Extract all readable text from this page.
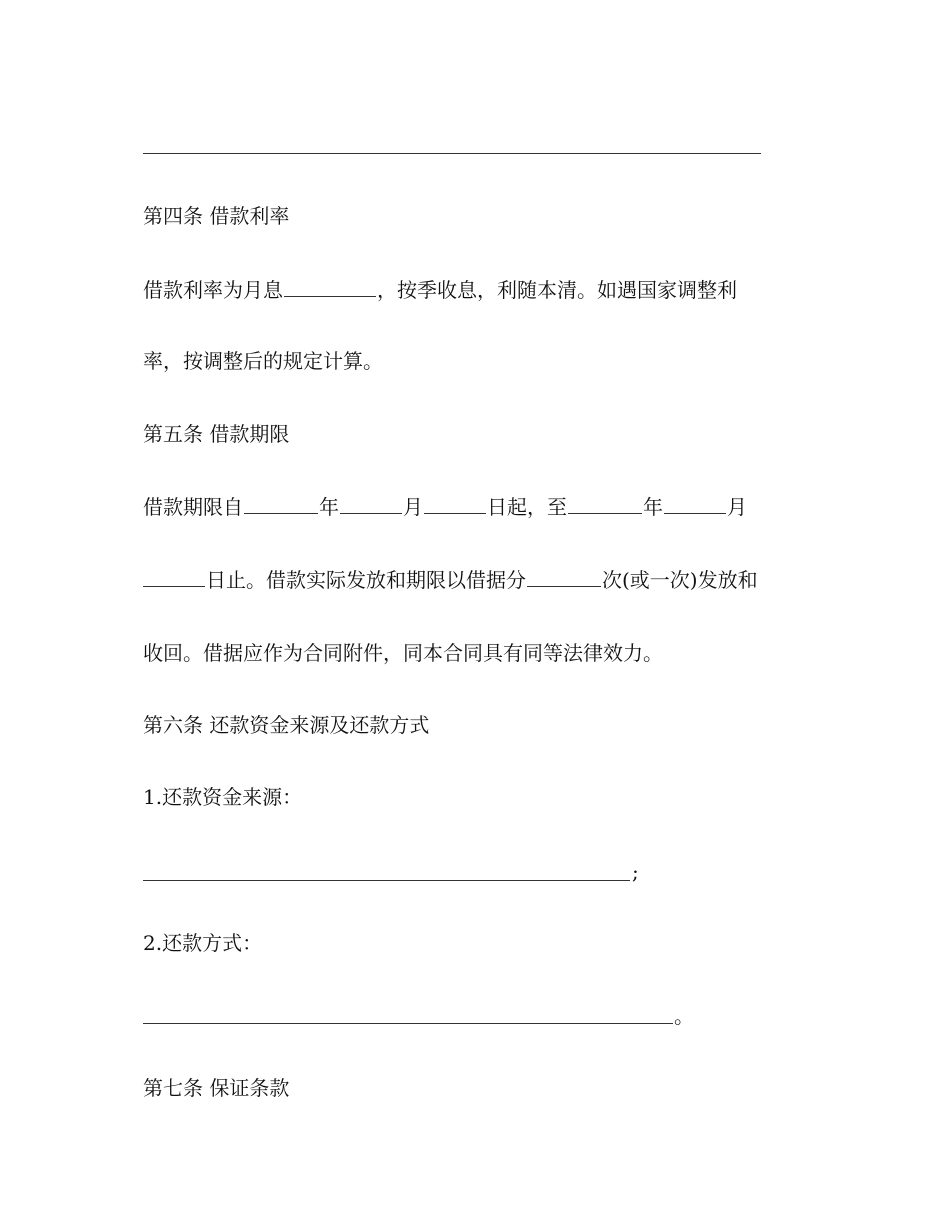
第四条 借款利率
借款利率为月息	，按季收息，利随本清。如遇国家调整利
率，按调整后的规定计算。
第五条 借款期限
借款期限自	年	月	日起，至	年	月
日止。借款实际发放和期限以借据分	次(或一次)发放和
收回。借据应作为合同附件，同本合同具有同等法律效力。
第六条 还款资金来源及还款方式
1.还款资金来源：
;
2.还款方式：
。
第七条 保证条款
